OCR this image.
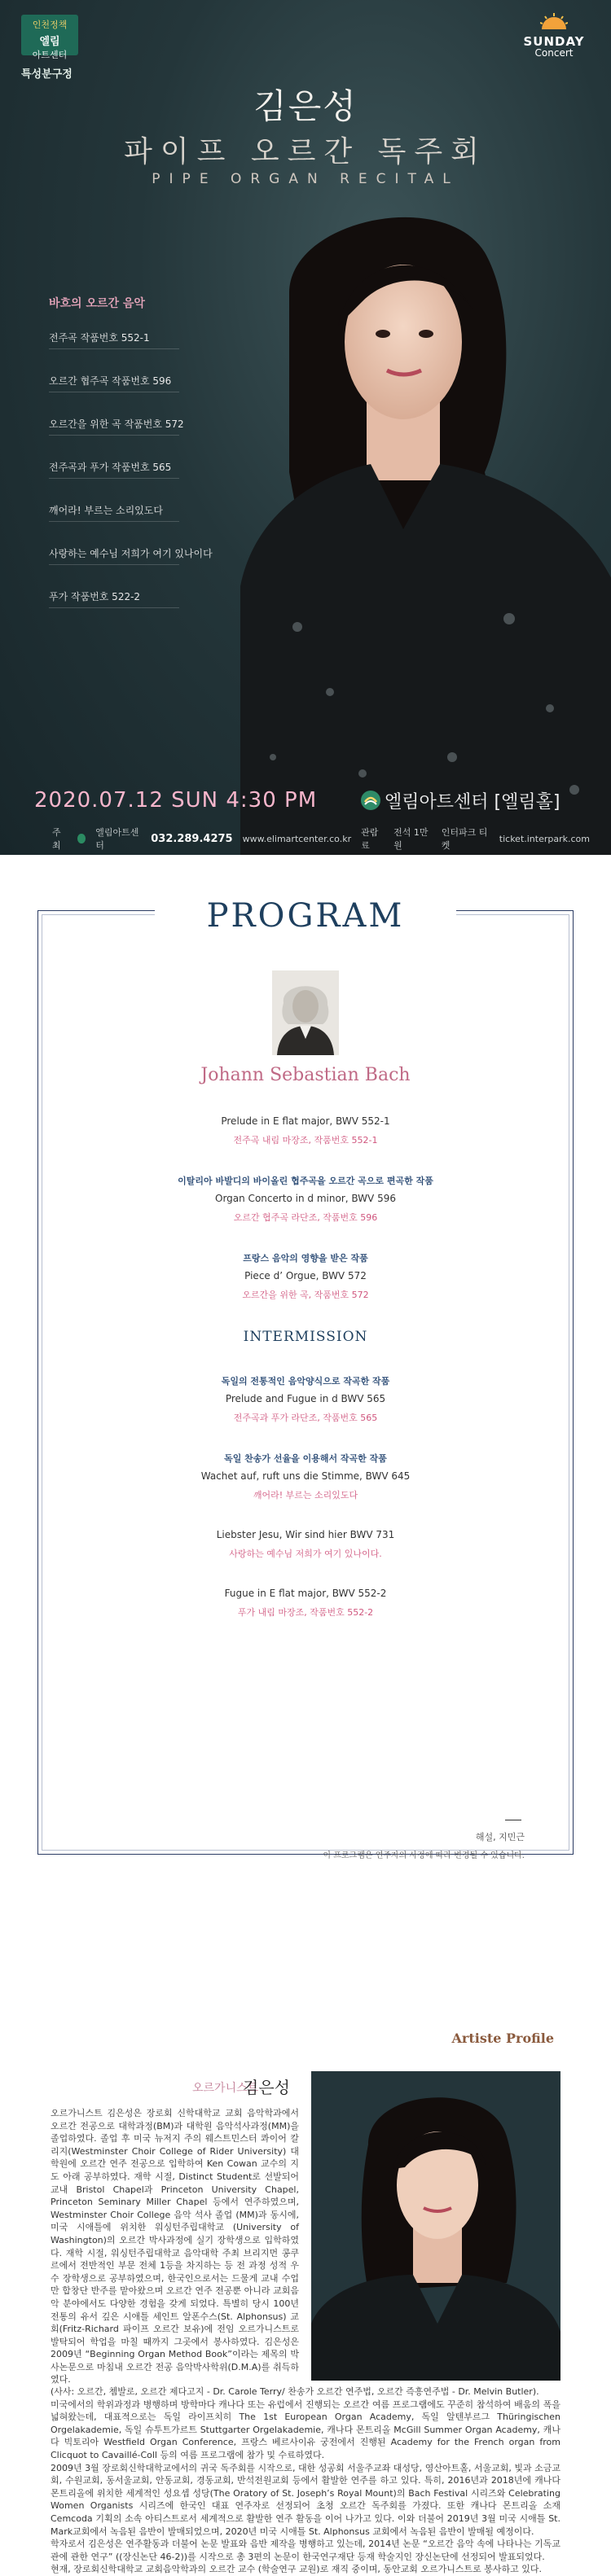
인천정책
엘림
아트센터
특성분구정
SUNDAY
Concert
김은성
파이프 오르간 독주회
PIPE ORGAN RECITAL
바흐의 오르간 음악
전주곡 작품번호 552-1
오르간 협주곡 작품번호 596
오르간을 위한 곡 작품번호 572
전주곡과 푸가 작품번호 565
깨어라! 부르는 소리있도다
사랑하는 예수님 저희가 여기 있나이다
푸가 작품번호 522-2
2020.07.12 SUN 4:30 PM	엘림아트센터 [엘림홀]
주최
엘림아트센터
032.289.4275 www.elimartcenter.co.kr
관람료
전석 1만원
인터파크 티켓
ticket.interpark.com
PROGRAM
Johann Sebastian Bach
Prelude in E flat major, BWV 552-1
전주곡 내림 마장조, 작품번호 552-1
이탈리아 바발디의 바이올린 협주곡을 오르간 곡으로 편곡한 작품
Organ Concerto in d minor, BWV 596
오르간 협주곡 라단조, 작품번호 596
프랑스 음악의 영향을 받은 작품
Piece d’ Orgue, BWV 572
오르간을 위한 곡, 작품번호 572
INTERMISSION
독일의 전통적인 음악양식으로 작곡한 작품
Prelude and Fugue in d BWV 565
전주곡과 푸가 라단조, 작품번호 565
독일 찬송가 선율을 이용해서 작곡한 작품
Wachet auf, ruft uns die Stimme, BWV 645
깨어라! 부르는 소리있도다
Liebster Jesu, Wir sind hier BWV 731
사랑하는 예수님 저희가 여기 있나이다.
Fugue in E flat major, BWV 552-2
푸가 내림 마장조, 작품번호 552-2
해설, 지민근
이 프로그램은 연주자의 사정에 따라 변경될 수 있습니다.
Artiste Profile
오르가니스트
김은성

오르가니스트 김은성은 장로회 신학대학교 교회 음악학과에서 오르간 전공으로 대학과정(BM)과 대학원 음악석사과정(MM)을 졸업하였다. 졸업 후 미국 뉴저지 주의 웨스트민스터 콰이어 칼리지(Westminster Choir College of Rider University) 대학원에 오르간 연주 전공으로 입학하여 Ken Cowan 교수의 지도 아래 공부하였다. 재학 시절, Distinct Student로 선발되어 교내 Bristol Chapel과 Princeton University Chapel, Princeton Seminary Miller Chapel 등에서 연주하였으며, Westminster Choir College 음악 석사 졸업 (MM)과 동시에, 미국 시애틀에 위치한 워싱턴주립대학교 (University of Washington)의 오르간 박사과정에 실기 장학생으로 입학하였다. 재학 시절, 워싱턴주립대학교 음악대학 주최 브리지먼 콩쿠르에서 전반적인 부문 전체 1등을 차지하는 등 전 과정 성적 우수 장학생으로 공부하였으며, 한국인으로서는 드물게 교내 수업만 합창단 반주를 맡아왔으며 오르간 연주 전공뿐 아니라 교회음악 분야에서도 다양한 경험을 갖게 되었다. 특별히 당시 100년 전통의 유서 깊은 시애틀 세인트 알폰수스(St. Alphonsus) 교회(Fritz-Richard 파이프 오르간 보유)에 전임 오르가니스트로 발탁되어 학업을 마칠 때까지 그곳에서 봉사하였다. 김은성은 2009년 “Beginning Organ Method Book”이라는 제목의 박사논문으로 마침내 오르간 전공 음악박사학위(D.M.A)를 취득하였다.

(사사: 오르간, 쳄발로, 오르간 제다고지 - Dr. Carole Terry/ 찬송가 오르간 연주법, 오르간 즉흥연주법 - Dr. Melvin Butler).

미국에서의 학위과정과 병행하며 방학마다 캐나다 또는 유럽에서 진행되는 오르간 여름 프로그램에도 꾸준히 참석하여 배움의 폭을 넓혀왔는데, 대표적으로는 독일 라이프치히 The 1st European Organ Academy, 독일 알텐부르그 Thüringischen Orgelakademie, 독일 슈투트가르트 Stuttgarter Orgelakademie, 캐나다 몬트리올 McGill Summer Organ Academy, 캐나다 빅토리아 Westfield Organ Conference, 프랑스 베르사이유 궁전에서 진행된 Academy for the French organ from Clicquot to Cavaillé-Coll 등의 여름 프로그램에 참가 및 수료하였다.

2009년 3월 장로회신학대학교에서의 귀국 독주회를 시작으로, 대한 성공회 서울주교좌 대성당, 영산아트홀, 서울교회, 빛과 소금교회, 수원교회, 동서울교회, 안동교회, 경동교회, 반석전원교회 등에서 활발한 연주를 하고 있다. 특히, 2016년과 2018년에 캐나다 몬트리올에 위치한 세계적인 성요셉 성당(The Oratory of St. Joseph’s Royal Mount)의 Bach Festival 시리즈와 Celebrating Women Organists 시리즈에 한국인 대표 연주자로 선정되어 초청 오르간 독주회를 가졌다. 또한 캐나다 몬트리올 소재 Cemcoda 기획의 소속 아티스트로서 세계적으로 활발한 연주 활동을 이어 나가고 있다. 이와 더불어 2019년 3월 미국 시애틀 St. Mark교회에서 녹음된 음반이 발매되었으며, 2020년 미국 시애틀 St. Alphonsus 교회에서 녹음된 음반이 발매될 예정이다.

학자로서 김은성은 연주활동과 더불어 논문 발표와 음반 제작을 병행하고 있는데, 2014년 논문 “오르간 음악 속에 나타나는 기독교관에 관한 연구” ((장신논단 46-2))를 시작으로 총 3편의 논문이 한국연구재단 등재 학술지인 장신논단에 선정되어 발표되었다.

현재, 장로회신학대학교 교회음악학과의 오르간 교수 (학술연구 교원)로 재직 중이며, 동안교회 오르가니스트로 봉사하고 있다.
